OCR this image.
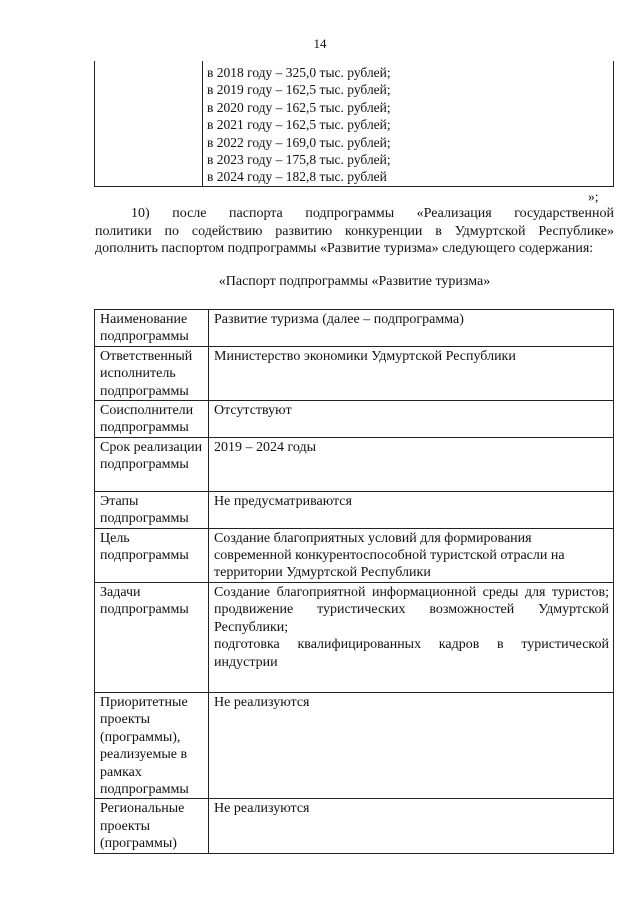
14

в 2018 году – 325,0 тыс. рублей;
в 2019 году – 162,5 тыс. рублей;
в 2020 году – 162,5 тыс. рублей;
в 2021 году – 162,5 тыс. рублей;
в 2022 году – 169,0 тыс. рублей;
в 2023 году – 175,8 тыс. рублей;
в 2024 году – 182,8 тыс. рублей
»;
10) после паспорта подпрограммы «Реализация государственной
политики по содействию развитию конкуренции в Удмуртской Республике» дополнить паспортом подпрограммы «Развитие туризма» следующего содержания:
«Паспорт подпрограммы «Развитие туризма»
Наименование подпрограммы	Развитие туризма (далее – подпрограмма)
Ответственный исполнитель подпрограммы	Министерство экономики Удмуртской Республики
Соисполнители подпрограммы	Отсутствуют
Срок реализации подпрограммы	2019 – 2024 годы
Этапы подпрограммы	Не предусматриваются
Цель подпрограммы	Создание благоприятных условий для формирования современной конкурентоспособной туристской отрасли на территории Удмуртской Республики
Задачи подпрограммы	Создание благоприятной информационной среды для туристов;
продвижение туристических возможностей Удмуртской Республики;
подготовка квалифицированных кадров в туристической индустрии

Приоритетные проекты (программы), реализуемые в рамках подпрограммы	Не реализуются
Региональные проекты (программы)	Не реализуются
